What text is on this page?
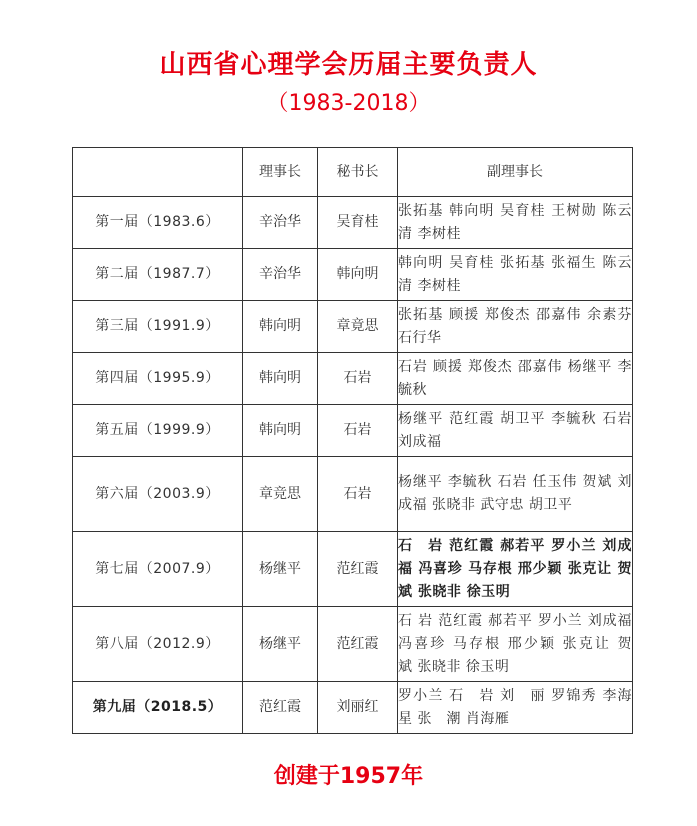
山西省心理学会历届主要负责人
（1983-2018）
	理事长	秘书长	副理事长
第一届（1983.6）	辛治华	吴育桂	张拓基 韩向明 吴育桂 王树勋 陈云清 李树桂
第二届（1987.7）	辛治华	韩向明	韩向明 吴育桂 张拓基 张福生 陈云清 李树桂
第三届（1991.9）	韩向明	章竟思	张拓基 顾援 郑俊杰 邵嘉伟 余素芬 石行华
第四届（1995.9）	韩向明	石岩	石岩 顾援 郑俊杰 邵嘉伟 杨继平 李毓秋
第五届（1999.9）	韩向明	石岩	杨继平 范红霞 胡卫平 李毓秋 石岩 刘成福
第六届（2003.9）	章竞思	石岩	杨继平 李毓秋 石岩 任玉伟 贺斌 刘成福 张晓非 武守忠 胡卫平
第七届（2007.9）	杨继平	范红霞	石　岩 范红霞 郝若平 罗小兰 刘成福 冯喜珍 马存根 邢少颖 张克让 贺　斌 张晓非 徐玉明
第八届（2012.9）	杨继平	范红霞	石 岩 范红霞 郝若平 罗小兰 刘成福 冯喜珍 马存根 邢少颖 张克让 贺　斌 张晓非 徐玉明
第九届（2018.5）	范红霞	刘丽红	罗小兰 石　岩 刘　丽 罗锦秀 李海星 张　潮 肖海雁
创建于1957年
